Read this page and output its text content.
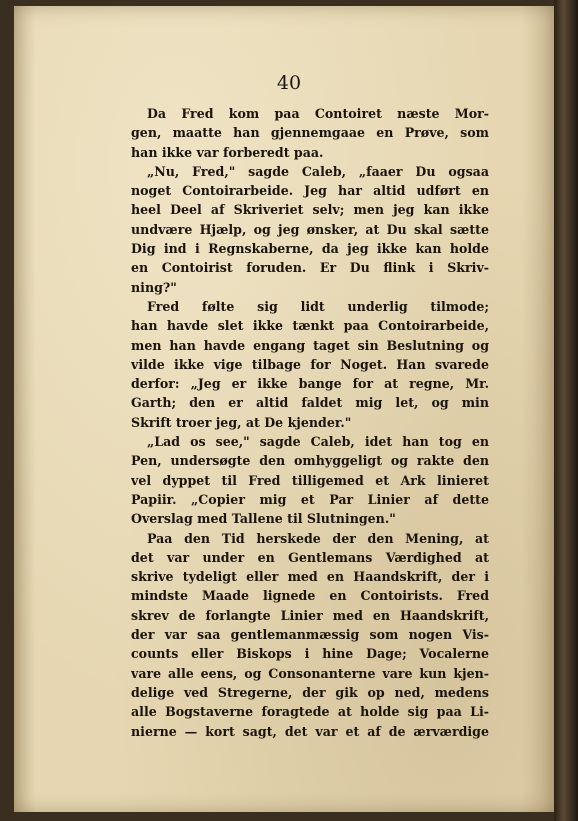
40
Da Fred kom paa Contoiret næste Mor-
gen, maatte han gjennemgaae en Prøve, som
han ikke var forberedt paa.
„Nu, Fred," sagde Caleb, „faaer Du ogsaa
noget Contoirarbeide. Jeg har altid udført en
heel Deel af Skriveriet selv; men jeg kan ikke
undvære Hjælp, og jeg ønsker, at Du skal sætte
Dig ind i Regnskaberne, da jeg ikke kan holde
en Contoirist foruden. Er Du flink i Skriv-
ning?"
Fred følte sig lidt underlig tilmode;
han havde slet ikke tænkt paa Contoirarbeide,
men han havde engang taget sin Beslutning og
vilde ikke vige tilbage for Noget. Han svarede
derfor: „Jeg er ikke bange for at regne, Mr.
Garth; den er altid faldet mig let, og min
Skrift troer jeg, at De kjender."
„Lad os see," sagde Caleb, idet han tog en
Pen, undersøgte den omhyggeligt og rakte den
vel dyppet til Fred tilligemed et Ark linieret
Papiir. „Copier mig et Par Linier af dette
Overslag med Tallene til Slutningen."
Paa den Tid herskede der den Mening, at
det var under en Gentlemans Værdighed at
skrive tydeligt eller med en Haandskrift, der i
mindste Maade lignede en Contoirists. Fred
skrev de forlangte Linier med en Haandskrift,
der var saa gentlemanmæssig som nogen Vis-
counts eller Biskops i hine Dage; Vocalerne
vare alle eens, og Consonanterne vare kun kjen-
delige ved Stregerne, der gik op ned, medens
alle Bogstaverne foragtede at holde sig paa Li-
nierne — kort sagt, det var et af de ærværdige
